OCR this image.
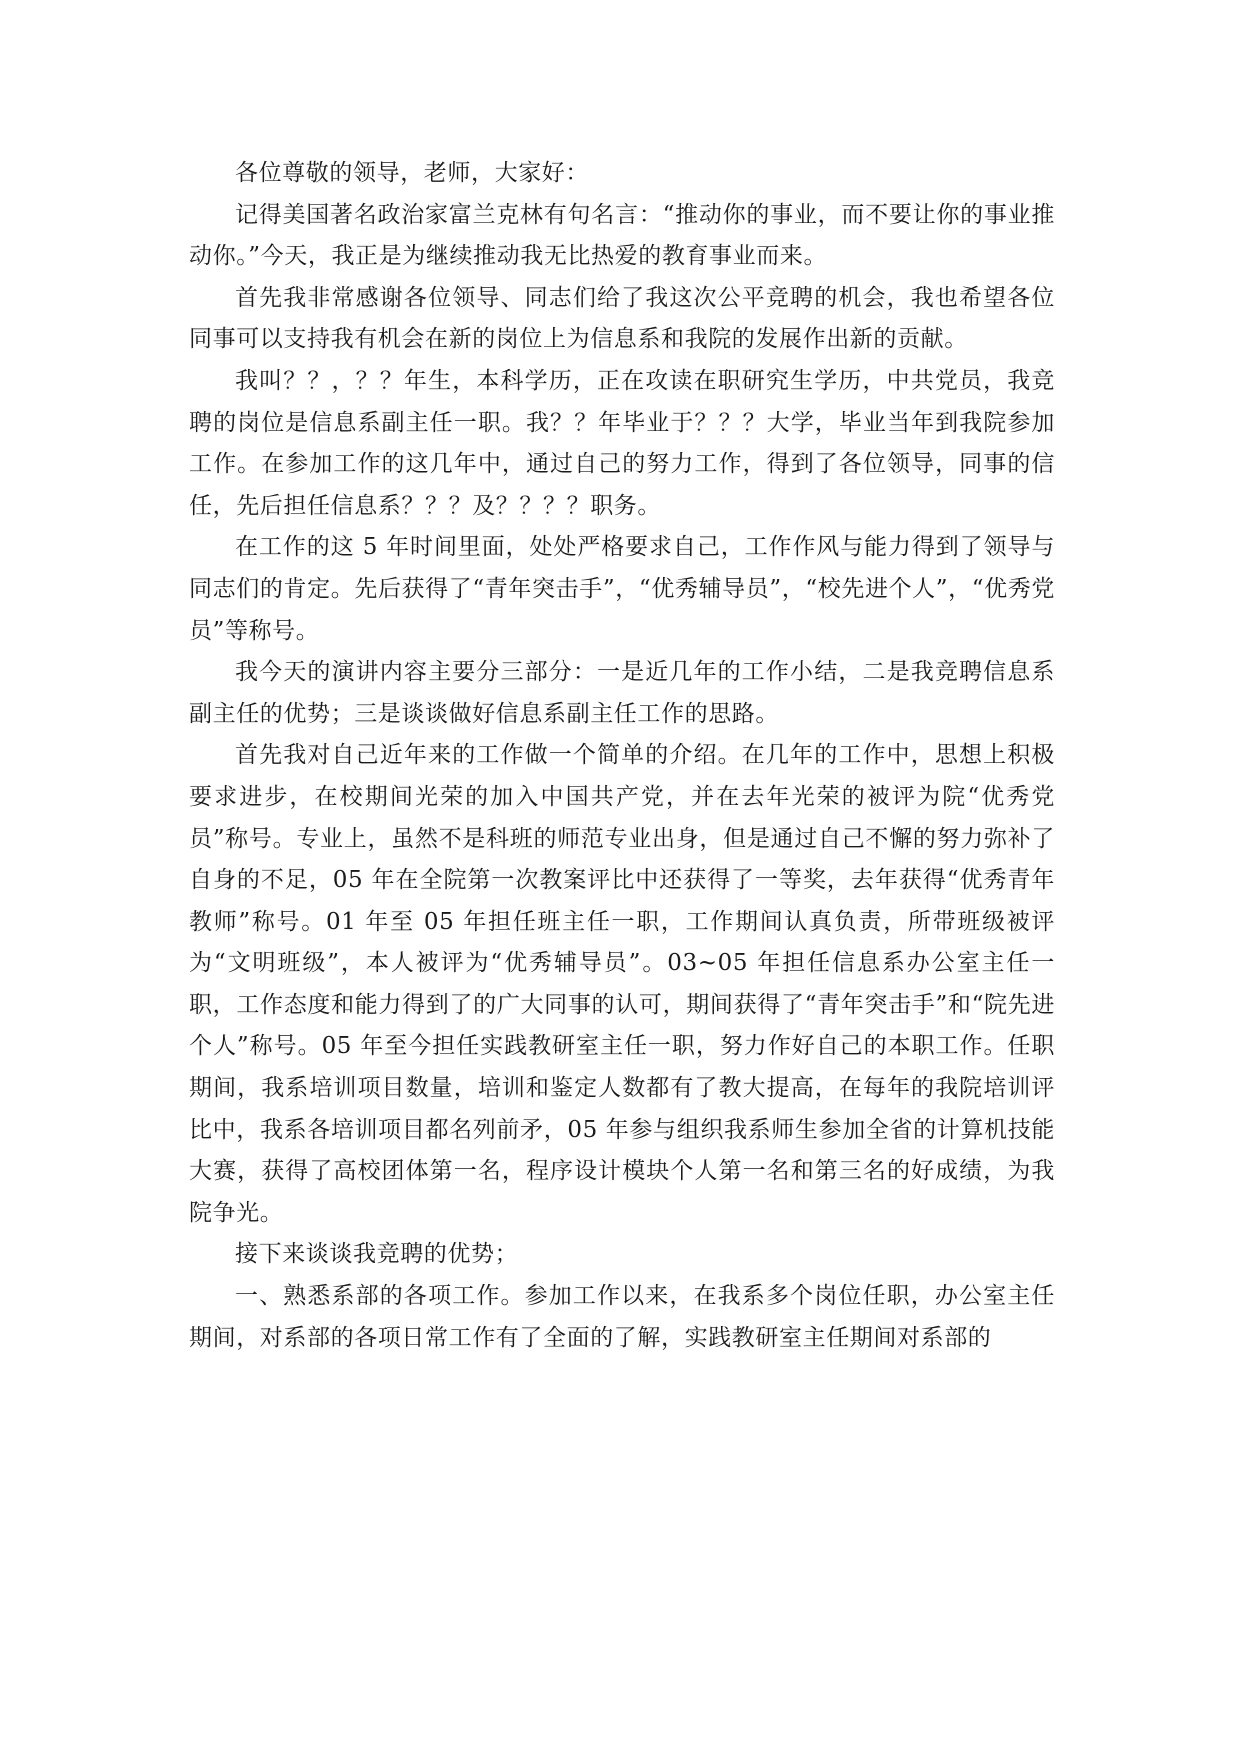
各位尊敬的领导，老师，大家好：

记得美国著名政治家富兰克林有句名言：“推动你的事业，而不要让你的事业推动你。”今天，我正是为继续推动我无比热爱的教育事业而来。

首先我非常感谢各位领导、同志们给了我这次公平竞聘的机会，我也希望各位同事可以支持我有机会在新的岗位上为信息系和我院的发展作出新的贡献。

我叫？？，？？年生，本科学历，正在攻读在职研究生学历，中共党员，我竞聘的岗位是信息系副主任一职。我？？年毕业于？？？大学，毕业当年到我院参加工作。在参加工作的这几年中，通过自己的努力工作，得到了各位领导，同事的信任，先后担任信息系？？？及？？？？职务。

在工作的这 5 年时间里面，处处严格要求自己，工作作风与能力得到了领导与同志们的肯定。先后获得了“青年突击手”，“优秀辅导员”，“校先进个人”，“优秀党员”等称号。

我今天的演讲内容主要分三部分：一是近几年的工作小结，二是我竞聘信息系副主任的优势；三是谈谈做好信息系副主任工作的思路。

首先我对自己近年来的工作做一个简单的介绍。在几年的工作中，思想上积极要求进步，在校期间光荣的加入中国共产党，并在去年光荣的被评为院“优秀党员”称号。专业上，虽然不是科班的师范专业出身，但是通过自己不懈的努力弥补了自身的不足，05 年在全院第一次教案评比中还获得了一等奖，去年获得“优秀青年教师”称号。01 年至 05 年担任班主任一职，工作期间认真负责，所带班级被评为“文明班级”，本人被评为“优秀辅导员”。03~05 年担任信息系办公室主任一职，工作态度和能力得到了的广大同事的认可，期间获得了“青年突击手”和“院先进个人”称号。05 年至今担任实践教研室主任一职，努力作好自己的本职工作。任职期间，我系培训项目数量，培训和鉴定人数都有了教大提高，在每年的我院培训评比中，我系各培训项目都名列前矛，05 年参与组织我系师生参加全省的计算机技能大赛，获得了高校团体第一名，程序设计模块个人第一名和第三名的好成绩，为我院争光。

接下来谈谈我竞聘的优势；

一、熟悉系部的各项工作。参加工作以来，在我系多个岗位任职，办公室主任期间，对系部的各项日常工作有了全面的了解，实践教研室主任期间对系部的
